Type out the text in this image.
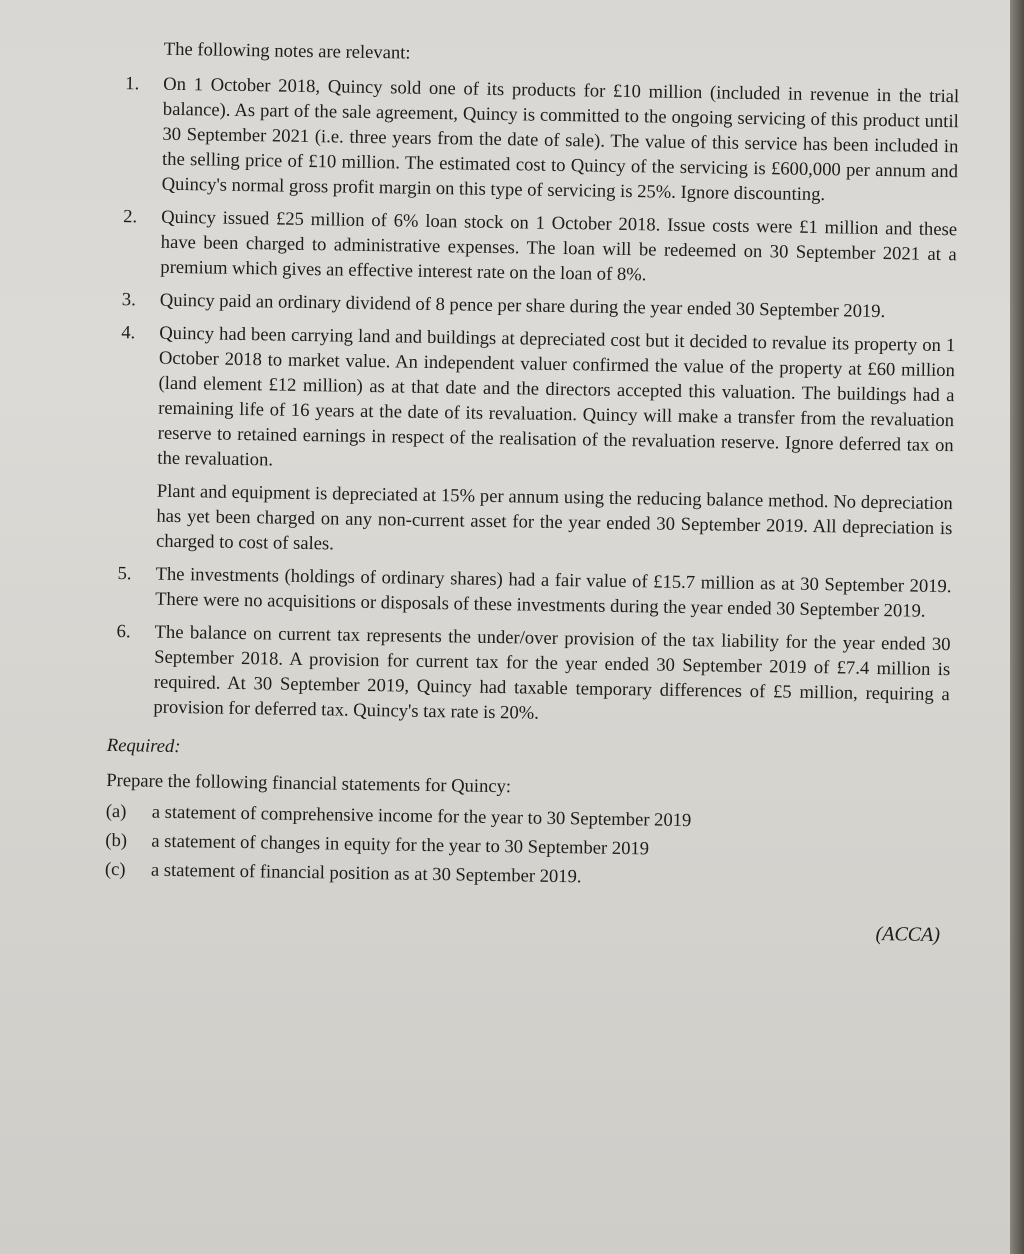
The following notes are relevant:
1.	On 1 October 2018, Quincy sold one of its products for £10 million (included in revenue in the trial balance). As part of the sale agreement, Quincy is committed to the ongoing servicing of this product until 30 September 2021 (i.e. three years from the date of sale). The value of this service has been included in the selling price of £10 million. The estimated cost to Quincy of the servicing is £600,000 per annum and Quincy's normal gross profit margin on this type of servicing is 25%. Ignore discounting.
2.	Quincy issued £25 million of 6% loan stock on 1 October 2018. Issue costs were £1 million and these have been charged to administrative expenses. The loan will be redeemed on 30 September 2021 at a premium which gives an effective interest rate on the loan of 8%.
3.	Quincy paid an ordinary dividend of 8 pence per share during the year ended 30 September 2019.
4.	Quincy had been carrying land and buildings at depreciated cost but it decided to revalue its property on 1 October 2018 to market value. An independent valuer confirmed the value of the property at £60 million (land element £12 million) as at that date and the directors accepted this valuation. The buildings had a remaining life of 16 years at the date of its revaluation. Quincy will make a transfer from the revaluation reserve to retained earnings in respect of the realisation of the revaluation reserve. Ignore deferred tax on the revaluation.
Plant and equipment is depreciated at 15% per annum using the reducing balance method. No depreciation has yet been charged on any non-current asset for the year ended 30 September 2019. All depreciation is charged to cost of sales.
5.	The investments (holdings of ordinary shares) had a fair value of £15.7 million as at 30 September 2019. There were no acquisitions or disposals of these investments during the year ended 30 September 2019.
6.	The balance on current tax represents the under/over provision of the tax liability for the year ended 30 September 2018. A provision for current tax for the year ended 30 September 2019 of £7.4 million is required. At 30 September 2019, Quincy had taxable temporary differences of £5 million, requiring a provision for deferred tax. Quincy's tax rate is 20%.
Required:
Prepare the following financial statements for Quincy:
(a)	a statement of comprehensive income for the year to 30 September 2019
(b)	a statement of changes in equity for the year to 30 September 2019
(c)	a statement of financial position as at 30 September 2019.
(ACCA)
